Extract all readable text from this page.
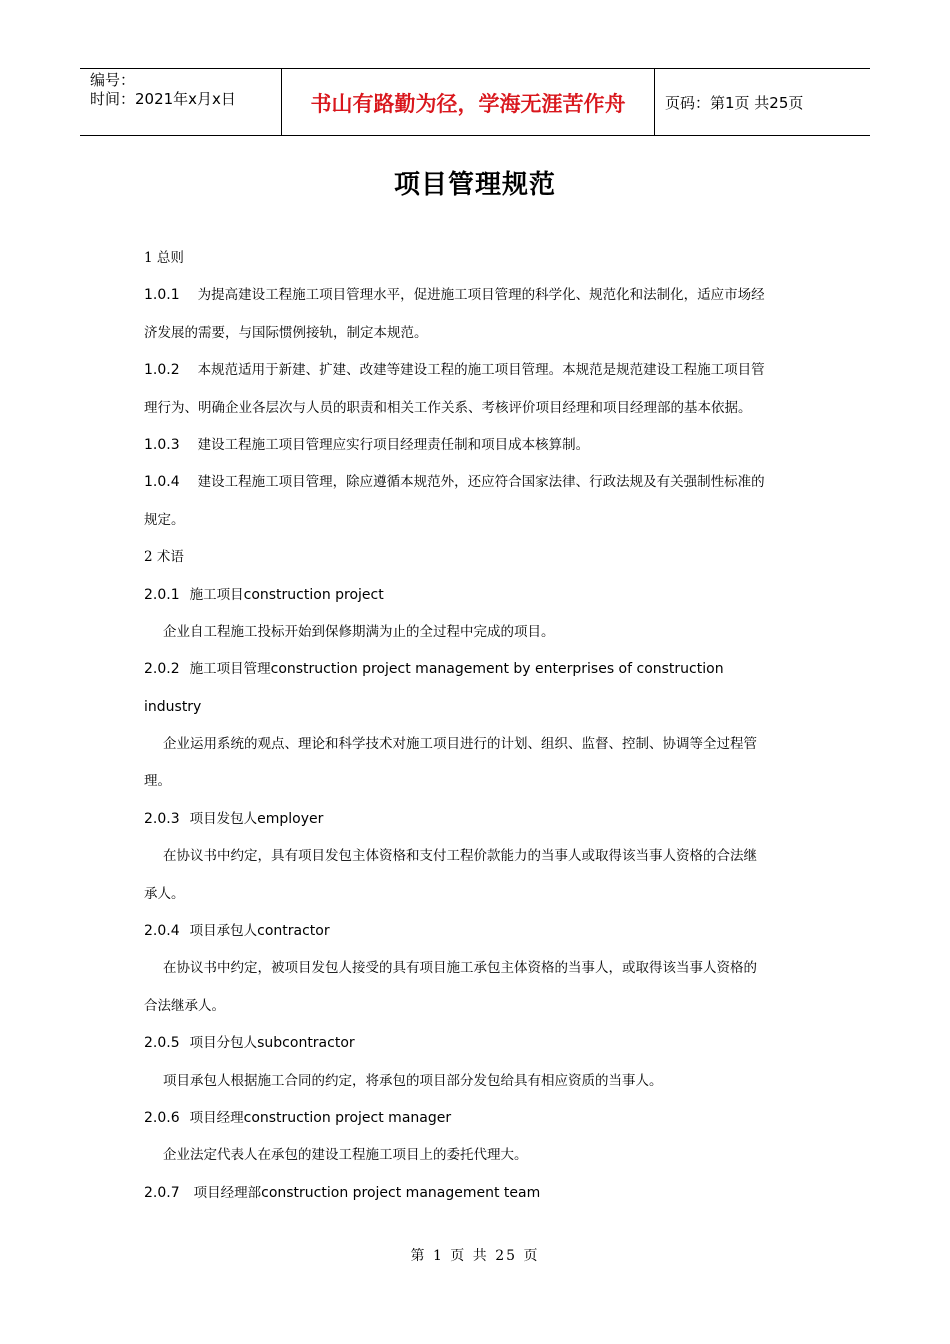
编号：
时间：2021年x月x日	书山有路勤为径，学海无涯苦作舟	页码：第1页 共25页
项目管理规范
1 总则
1.0.1 为提高建设工程施工项目管理水平，促进施工项目管理的科学化、规范化和法制化，适应市场经
济发展的需要，与国际惯例接轨，制定本规范。
1.0.2 本规范适用于新建、扩建、改建等建设工程的施工项目管理。本规范是规范建设工程施工项目管
理行为、明确企业各层次与人员的职责和相关工作关系、考核评价项目经理和项目经理部的基本依据。
1.0.3 建设工程施工项目管理应实行项目经理责任制和项目成本核算制。
1.0.4 建设工程施工项目管理，除应遵循本规范外，还应符合国家法律、行政法规及有关强制性标准的
规定。
2 术语
2.0.1 施工项目construction project
企业自工程施工投标开始到保修期满为止的全过程中完成的项目。
2.0.2 施工项目管理construction project management by enterprises of construction
industry
企业运用系统的观点、理论和科学技术对施工项目进行的计划、组织、监督、控制、协调等全过程管
理。
2.0.3 项目发包人employer
在协议书中约定，具有项目发包主体资格和支付工程价款能力的当事人或取得该当事人资格的合法继
承人。
2.0.4 项目承包人contractor
在协议书中约定，被项目发包人接受的具有项目施工承包主体资格的当事人，或取得该当事人资格的
合法继承人。
2.0.5 项目分包人subcontractor
项目承包人根据施工合同的约定，将承包的项目部分发包给具有相应资质的当事人。
2.0.6 项目经理construction project manager
企业法定代表人在承包的建设工程施工项目上的委托代理大。
2.0.7 项目经理部construction project management team
第 1 页 共 25 页
